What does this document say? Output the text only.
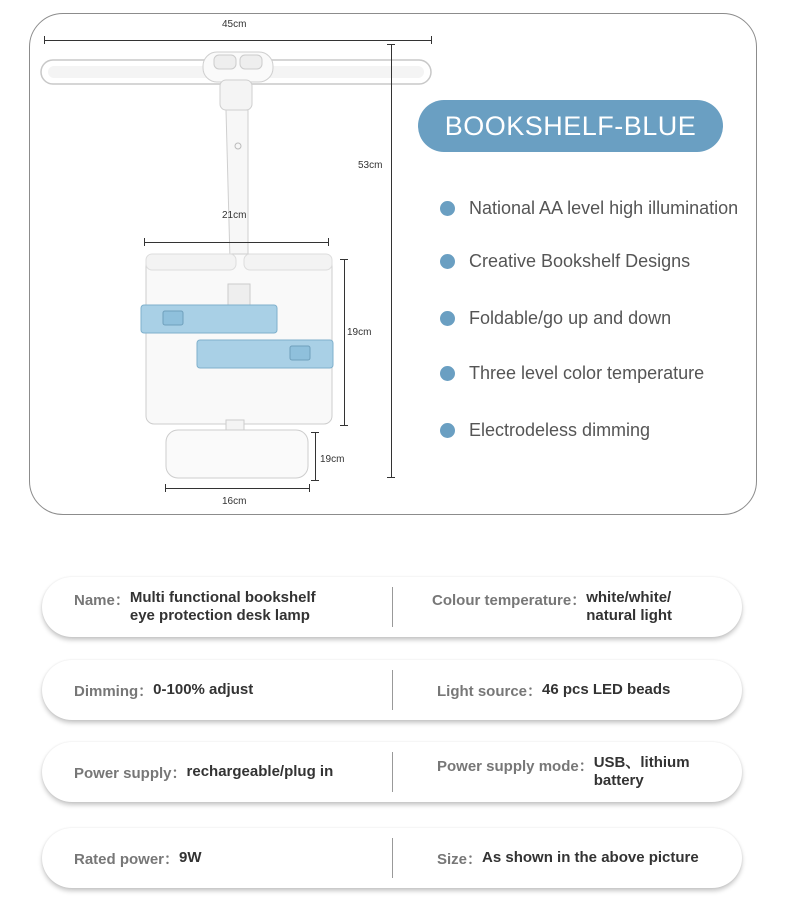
45cm
53cm
21cm
19cm
19cm
16cm
BOOKSHELF-BLUE
National AA level high illumination
Creative Bookshelf Designs
Foldable/go up and down
Three level color temperature
Electrodeless dimming
Name： Multi functional bookshelf eye protection desk lamp
Colour temperature： white/white/ natural light
Dimming： 0-100% adjust	Light source： 46 pcs LED beads
Power supply： rechargeable/plug in	Power supply mode： USB、lithium battery
Rated power： 9W	Size： As shown in the above picture
